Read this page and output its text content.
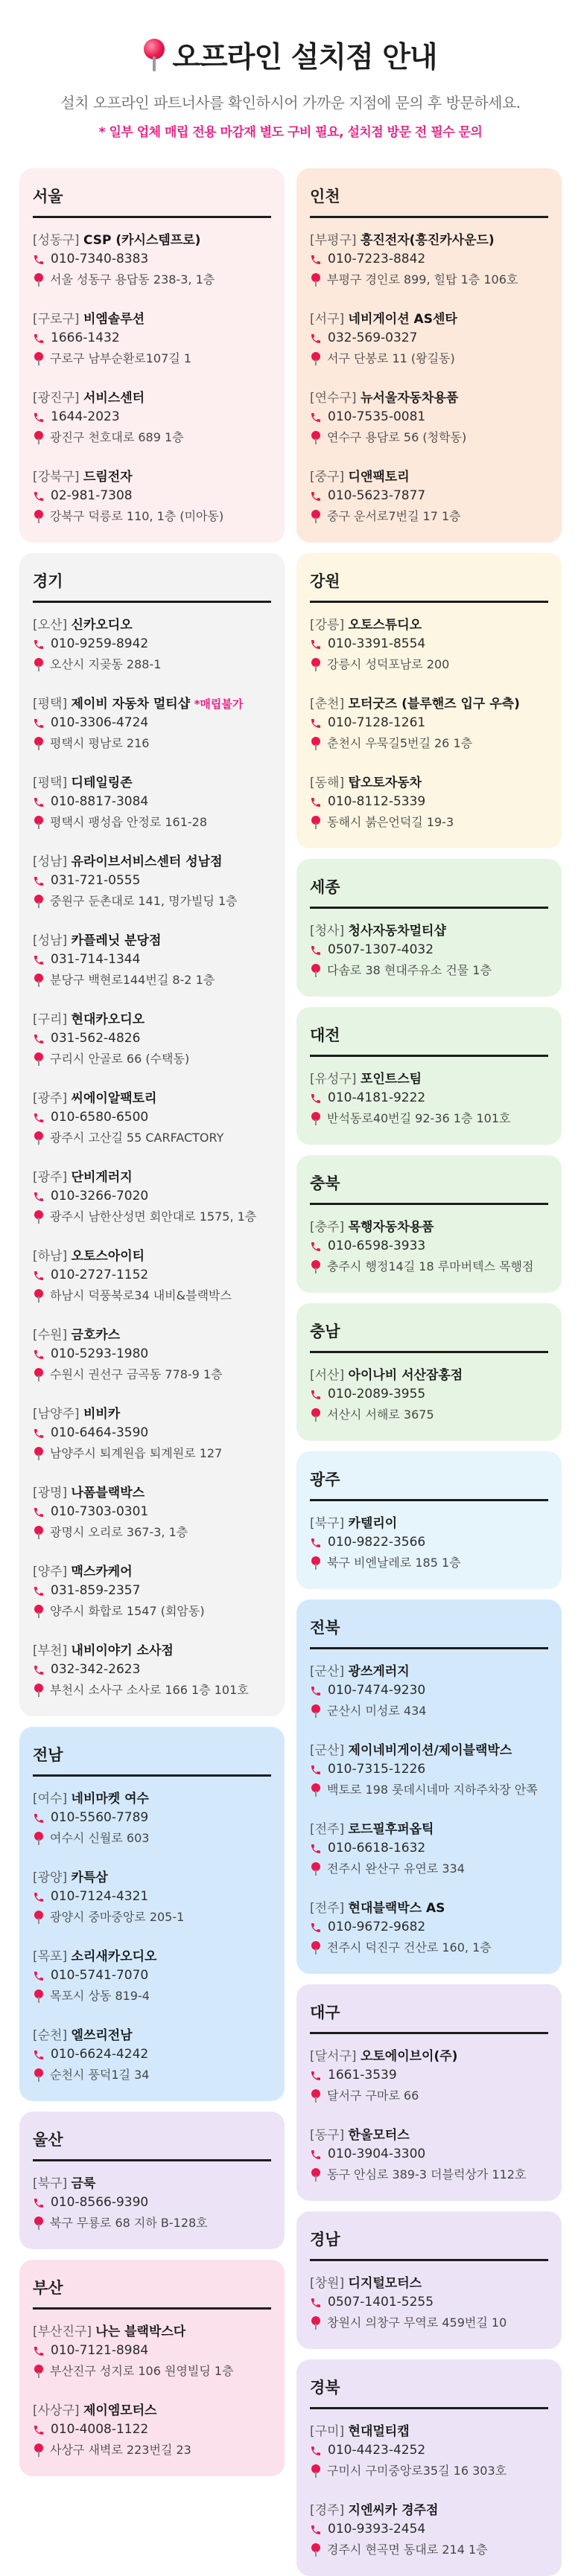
오프라인 설치점 안내
설치 오프라인 파트너사를 확인하시어 가까운 지점에 문의 후 방문하세요.
* 일부 업체 매립 전용 마감재 별도 구비 필요, 설치점 방문 전 필수 문의
서울
[성동구] CSP (카시스템프로)
010-7340-8383
서울 성동구 용답동 238-3, 1층
[구로구] 비엠솔루션
1666-1432
구로구 남부순환로107길 1
[광진구] 서비스센터
1644-2023
광진구 천호대로 689 1층
[강북구] 드림전자
02-981-7308
강북구 덕릉로 110, 1층 (미아동)
경기
[오산] 신카오디오
010-9259-8942
오산시 지곶동 288-1
[평택] 제이비 자동차 멀티샵 *매립불가
010-3306-4724
평택시 평남로 216
[평택] 디테일링존
010-8817-3084
평택시 팽성읍 안정로 161-28
[성남] 유라이브서비스센터 성남점
031-721-0555
중원구 둔촌대로 141, 명가빌딩 1층
[성남] 카플레닛 분당점
031-714-1344
분당구 백현로144번길 8-2 1층
[구리] 현대카오디오
031-562-4826
구리시 안골로 66 (수택동)
[광주] 씨에이알팩토리
010-6580-6500
광주시 고산길 55 CARFACTORY
[광주] 단비게러지
010-3266-7020
광주시 남한산성면 회안대로 1575, 1층
[하남] 오토스아이티
010-2727-1152
하남시 덕풍북로34 내비&블랙박스
[수원] 금호카스
010-5293-1980
수원시 권선구 금곡동 778-9 1층
[남양주] 비비카
010-6464-3590
남양주시 퇴계원읍 퇴계원로 127
[광명] 나폼블랙박스
010-7303-0301
광명시 오리로 367-3, 1층
[양주] 맥스카케어
031-859-2357
양주시 화합로 1547 (회암동)
[부천] 내비이야기 소사점
032-342-2623
부천시 소사구 소사로 166 1층 101호
전남
[여수] 네비마켓 여수
010-5560-7789
여수시 신월로 603
[광양] 카특삼
010-7124-4321
광양시 중마중앙로 205-1
[목포] 소리새카오디오
010-5741-7070
목포시 상동 819-4
[순천] 엘쓰리전남
010-6624-4242
순천시 풍덕1길 34
울산
[북구] 금룩
010-8566-9390
북구 무룡로 68 지하 B-128호
부산
[부산진구] 나는 블랙박스다
010-7121-8984
부산진구 성지로 106 원영빌딩 1층
[사상구] 제이엠모터스
010-4008-1122
사상구 새벽로 223번길 23
인천
[부평구] 흥진전자(흥진카사운드)
010-7223-8842
부평구 경인로 899, 힐탑 1층 106호
[서구] 네비게이션 AS센타
032-569-0327
서구 단봉로 11 (왕길동)
[연수구] 뉴서울자동차용품
010-7535-0081
연수구 용담로 56 (청학동)
[중구] 디앤팩토리
010-5623-7877
중구 운서로7번길 17 1층
강원
[강릉] 오토스튜디오
010-3391-8554
강릉시 성덕포남로 200
[춘천] 모터굿즈 (블루핸즈 입구 우측)
010-7128-1261
춘천시 우묵길5번길 26 1층
[동해] 탑오토자동차
010-8112-5339
동해시 붉은언덕길 19-3
세종
[청사] 청사자동차멀티샵
0507-1307-4032
다솜로 38 현대주유소 건물 1층
대전
[유성구] 포인트스팀
010-4181-9222
반석동로40번길 92-36 1층 101호
충북
[충주] 목행자동차용품
010-6598-3933
충주시 행정14길 18 루마버텍스 목행점
충남
[서산] 아이나비 서산잠홍점
010-2089-3955
서산시 서해로 3675
광주
[북구] 카텔리이
010-9822-3566
북구 비엔날레로 185 1층
전북
[군산] 광쓰게러지
010-7474-9230
군산시 미성로 434
[군산] 제이네비게이션/제이블랙박스
010-7315-1226
백토로 198 롯데시네마 지하주차장 안쪽
[전주] 로드필후퍼옵틱
010-6618-1632
전주시 완산구 유연로 334
[전주] 현대블랙박스 AS
010-9672-9682
전주시 덕진구 건산로 160, 1층
대구
[달서구] 오토에이브이(주)
1661-3539
달서구 구마로 66
[동구] 한울모터스
010-3904-3300
동구 안심로 389-3 더블럭상가 112호
경남
[창원] 디지털모터스
0507-1401-5255
창원시 의창구 무역로 459번길 10
경북
[구미] 현대멀티캡
010-4423-4252
구미시 구미중앙로35길 16 303호
[경주] 지엔씨카 경주점
010-9393-2454
경주시 현곡면 동대로 214 1층
